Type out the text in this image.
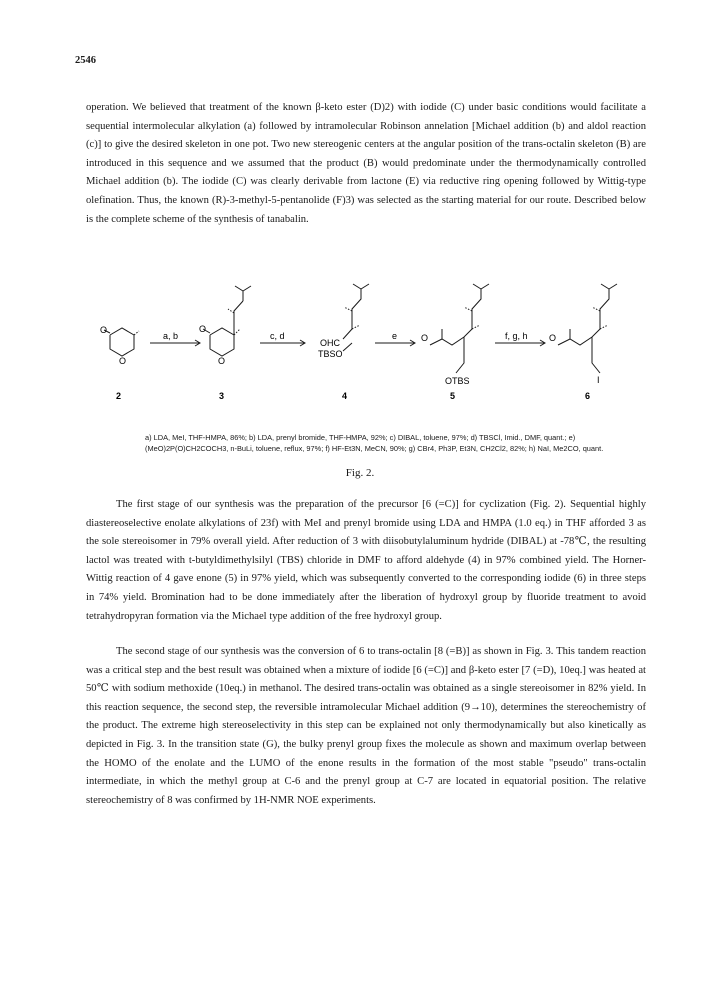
2546

operation. We believed that treatment of the known β-keto ester (D)2) with iodide (C) under basic conditions would facilitate a sequential intermolecular alkylation (a) followed by intramolecular Robinson annelation [Michael addition (b) and aldol reaction (c)] to give the desired skeleton in one pot. Two new stereogenic centers at the angular position of the trans-octalin skeleton (B) are introduced in this sequence and we assumed that the product (B) would predominate under the thermodynamically controlled Michael addition (b). The iodide (C) was clearly derivable from lactone (E) via reductive ring opening followed by Wittig-type olefination. Thus, the known (R)-3-methyl-5-pentanolide (F)3) was selected as the starting material for our route. Described below is the complete scheme of the synthesis of tanabalin.

O
O
O
O
OHC
TBSO
O
OTBS
O
I
a, b	c, d	e	f, g, h
2	3	4	5	6

a) LDA, MeI, THF-HMPA, 86%; b) LDA, prenyl bromide, THF-HMPA, 92%; c) DIBAL, toluene, 97%; d) TBSCl, Imid., DMF, quant.; e) (MeO)2P(O)CH2COCH3, n-BuLi, toluene, reflux, 97%; f) HF-Et3N, MeCN, 90%; g) CBr4, Ph3P, Et3N, CH2Cl2, 82%; h) NaI, Me2CO, quant.

Fig. 2.

The first stage of our synthesis was the preparation of the precursor [6 (=C)] for cyclization (Fig. 2). Sequential highly diastereoselective enolate alkylations of 23f) with MeI and prenyl bromide using LDA and HMPA (1.0 eq.) in THF afforded 3 as the sole stereoisomer in 79% overall yield. After reduction of 3 with diisobutylaluminum hydride (DIBAL) at -78℃, the resulting lactol was treated with t-butyldimethylsilyl (TBS) chloride in DMF to afford aldehyde (4) in 97% combined yield. The Horner-Wittig reaction of 4 gave enone (5) in 97% yield, which was subsequently converted to the corresponding iodide (6) in three steps in 74% yield. Bromination had to be done immediately after the liberation of hydroxyl group by fluoride treatment to avoid tetrahydropyran formation via the Michael type addition of the free hydroxyl group.

The second stage of our synthesis was the conversion of 6 to trans-octalin [8 (=B)] as shown in Fig. 3. This tandem reaction was a critical step and the best result was obtained when a mixture of iodide [6 (=C)] and β-keto ester [7 (=D), 10eq.] was heated at 50℃ with sodium methoxide (10eq.) in methanol. The desired trans-octalin was obtained as a single stereoisomer in 82% yield. In this reaction sequence, the second step, the reversible intramolecular Michael addition (9→10), determines the stereochemistry of the product. The extreme high stereoselectivity in this step can be explained not only thermodynamically but also kinetically as depicted in Fig. 3. In the transition state (G), the bulky prenyl group fixes the molecule as shown and maximum overlap between the HOMO of the enolate and the LUMO of the enone results in the formation of the most stable "pseudo" trans-octalin intermediate, in which the methyl group at C-6 and the prenyl group at C-7 are located in equatorial position. The relative stereochemistry of 8 was confirmed by 1H-NMR NOE experiments.
